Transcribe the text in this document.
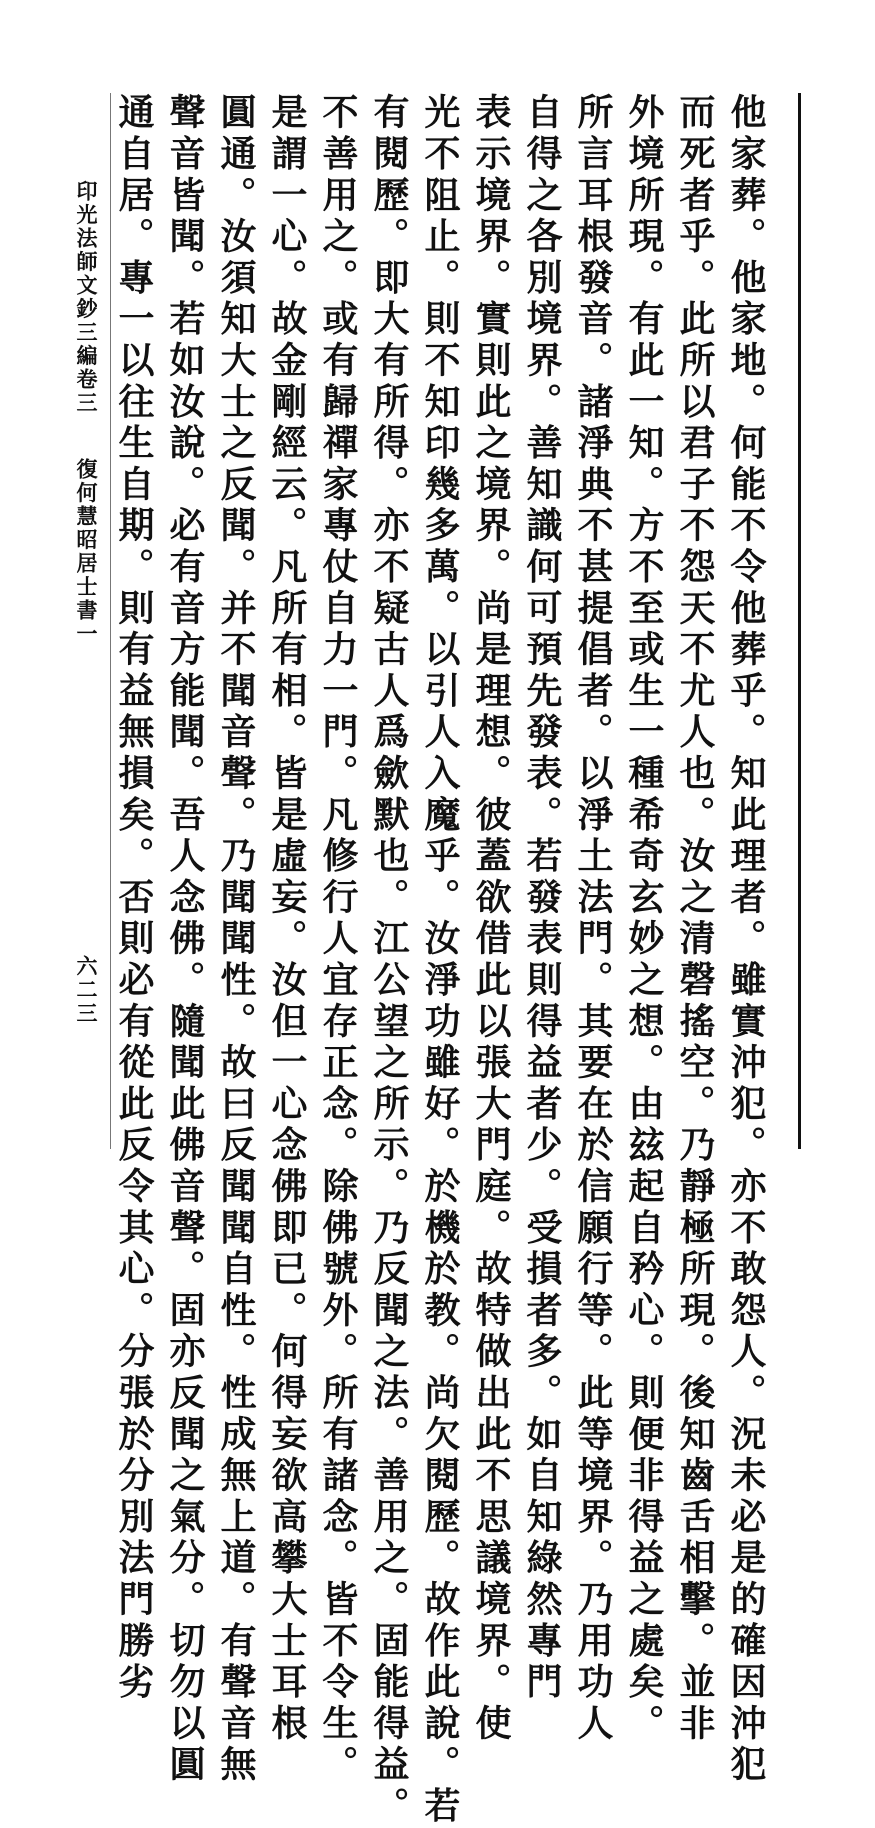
他家葬。他家地。何能不令他葬乎。知此理者。雖實沖犯。亦不敢怨人。況未必是的確因沖犯
而死者乎。此所以君子不怨天不尤人也。汝之清磬搖空。乃靜極所現。後知齒舌相擊。並非
外境所現。有此一知。方不至或生一種希奇玄妙之想。由玆起自矜心。則便非得益之處矣。
所言耳根發音。諸淨典不甚提倡者。以淨土法門。其要在於信願行等。此等境界。乃用功人
自得之各別境界。善知識何可預先發表。若發表則得益者少。受損者多。如自知綠然專門
表示境界。實則此之境界。尚是理想。彼蓋欲借此以張大門庭。故特做出此不思議境界。使
光不阻止。則不知印幾多萬。以引人入魔乎。汝淨功雖好。於機於教。尚欠閱歷。故作此說。若
有閱歷。即大有所得。亦不疑古人爲歛默也。江公望之所示。乃反聞之法。善用之。固能得益。
不善用之。或有歸禪家專仗自力一門。凡修行人宜存正念。除佛號外。所有諸念。皆不令生。
是謂一心。故金剛經云。凡所有相。皆是虛妄。汝但一心念佛即已。何得妄欲高攀大士耳根
圓通。汝須知大士之反聞。并不聞音聲。乃聞聞性。故曰反聞聞自性。性成無上道。有聲音無
聲音皆聞。若如汝說。必有音方能聞。吾人念佛。隨聞此佛音聲。固亦反聞之氣分。切勿以圓
通自居。專一以往生自期。則有益無損矣。否則必有從此反令其心。分張於分別法門勝劣
印光法師文鈔三編卷三
復何慧昭居士書一
六二三
